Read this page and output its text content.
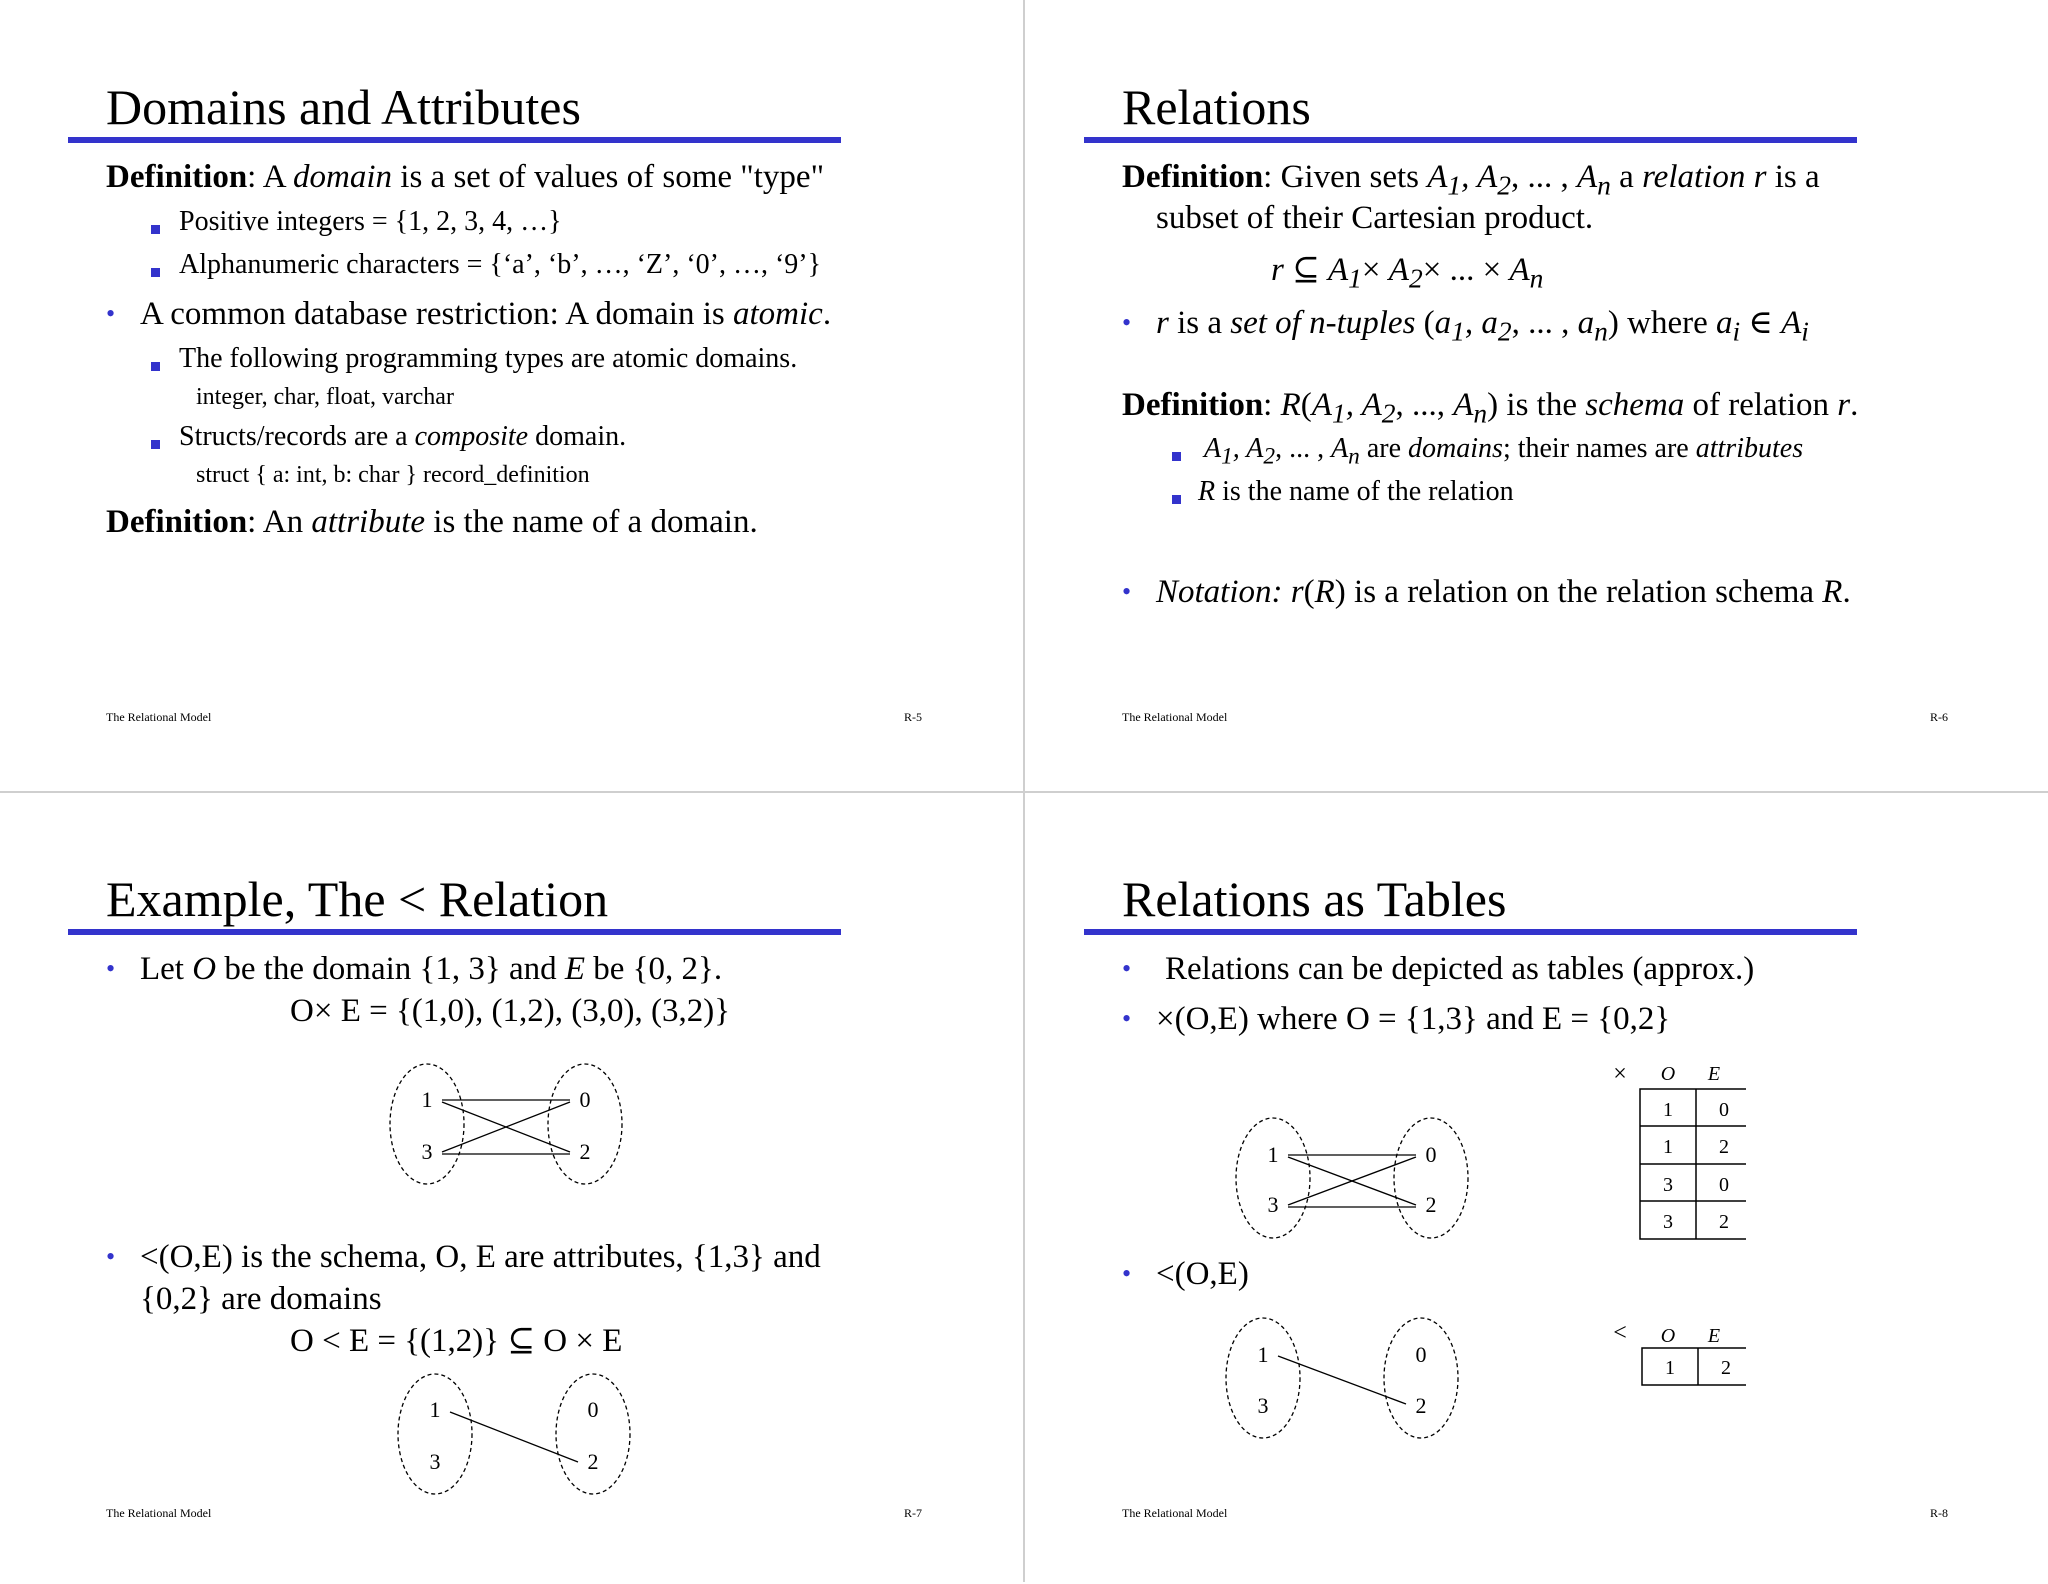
Domains and Attributes
Definition: A domain is a set of values of some "type"
Positive integers = {1, 2, 3, 4, …}
Alphanumeric characters = {‘a’, ‘b’, …, ‘Z’, ‘0’, …, ‘9’}
• A common database restriction: A domain is atomic.
The following programming types are atomic domains.
integer, char, float, varchar
Structs/records are a composite domain.
struct { a: int, b: char } record_definition
Definition: An attribute is the name of a domain.
The Relational Model	R-5
Relations
Definition: Given sets $A_1$, $A_2$, ... , $A_n$ a relation r is a
subset of their Cartesian product.
r ⊆ $A_1\times A_2\times$ ... × $A_n$
• r is a set of n-tuples ($a_1$, $a_2$, ... , $a_n$) where $a_i$ ∈ $A_i$
Definition: $R(A_1$, $A_2$, ..., $A_n$) is the schema of relation r.
$A_1$, $A_2$, ... , $A_n$ are domains; their names are attributes
R is the name of the relation
• Notation: r(R) is a relation on the relation schema R.
The Relational Model	R-6
Example, The < Relation
• Let O be the domain {1, 3} and E be {0, 2}.
O× E = {(1,0), (1,2), (3,0), (3,2)}
1
3
0
2
• <(O,E) is the schema, O, E are attributes, {1,3} and
{0,2} are domains
O < E = {(1,2)} ⊆ O × E
1
3
0
2
The Relational Model	R-7
Relations as Tables
• Relations can be depicted as tables (approx.)
• ×(O,E) where O = {1,3} and E = {0,2}
1
3
0
2
× O E
1 0
1 2
3 0
3 2
• <(O,E)
1
3
0
2
< O E
1 2
The Relational Model	R-8
